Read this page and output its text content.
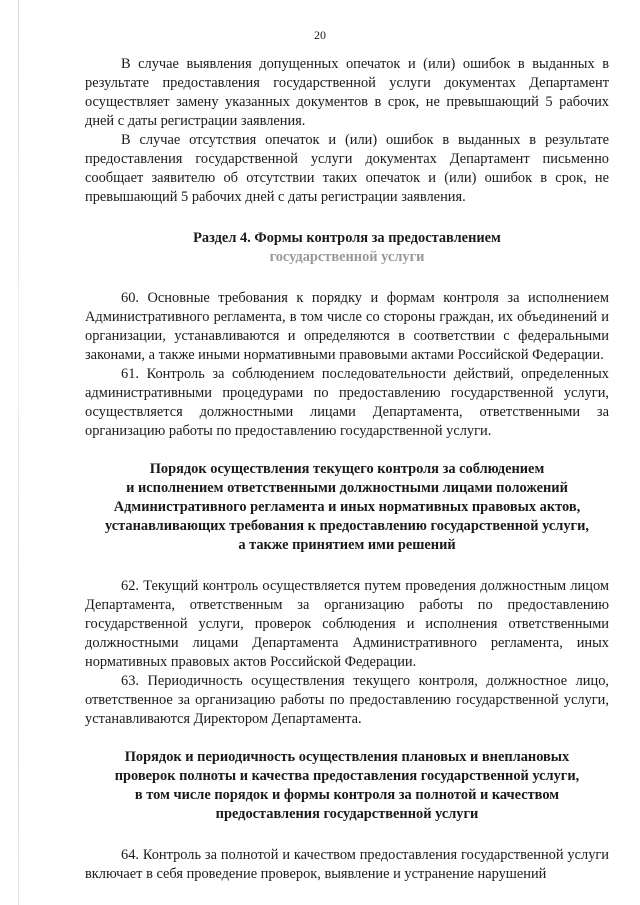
20

В случае выявления допущенных опечаток и (или) ошибок в выданных в результате предоставления государственной услуги документах Департамент осуществляет замену указанных документов в срок, не превышающий 5 рабочих дней с даты регистрации заявления.

В случае отсутствия опечаток и (или) ошибок в выданных в результате предоставления государственной услуги документах Департамент письменно сообщает заявителю об отсутствии таких опечаток и (или) ошибок в срок, не превышающий 5 рабочих дней с даты регистрации заявления.

Раздел 4. Формы контроля за предоставлением
государственной услуги

60. Основные требования к порядку и формам контроля за исполнением Административного регламента, в том числе со стороны граждан, их объединений и организации, устанавливаются и определяются в соответствии с федеральными законами, а также иными нормативными правовыми актами Российской Федерации.

61. Контроль за соблюдением последовательности действий, определенных административными процедурами по предоставлению государственной услуги, осуществляется должностными лицами Департамента, ответственными за организацию работы по предоставлению государственной услуги.

Порядок осуществления текущего контроля за соблюдением
и исполнением ответственными должностными лицами положений
Административного регламента и иных нормативных правовых актов,
устанавливающих требования к предоставлению государственной услуги,
а также принятием ими решений

62. Текущий контроль осуществляется путем проведения должностным лицом Департамента, ответственным за организацию работы по предоставлению государственной услуги, проверок соблюдения и исполнения ответственными должностными лицами Департамента Административного регламента, иных нормативных правовых актов Российской Федерации.

63. Периодичность осуществления текущего контроля, должностное лицо, ответственное за организацию работы по предоставлению государственной услуги, устанавливаются Директором Департамента.

Порядок и периодичность осуществления плановых и внеплановых
проверок полноты и качества предоставления государственной услуги,
в том числе порядок и формы контроля за полнотой и качеством
предоставления государственной услуги

64. Контроль за полнотой и качеством предоставления государственной услуги включает в себя проведение проверок, выявление и устранение нарушений
